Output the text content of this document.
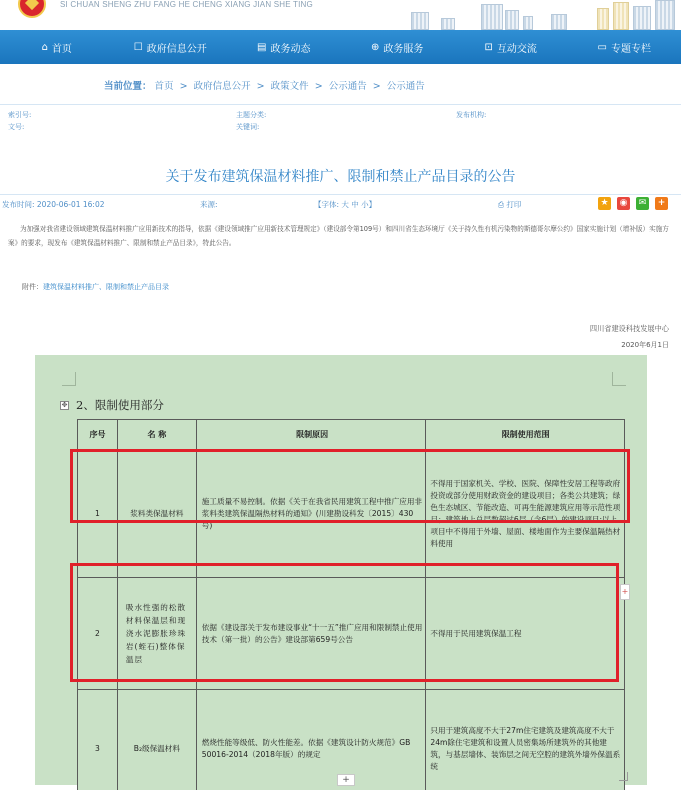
SI CHUAN SHENG ZHU FANG HE CHENG XIANG JIAN SHE TING
⌂ 首页	☐ 政府信息公开	▤ 政务动态	⊕ 政务服务	⊡ 互动交流	▭ 专题专栏
当前位置： 首页 > 政府信息公开 > 政策文件 > 公示通告 > 公示通告
索引号:
文号:
主题分类:
关键词:
发布机构:
关于发布建筑保温材料推广、限制和禁止产品目录的公告
发布时间: 2020-06-01 16:02	来源:	【字体: 大 中 小】	⎙ 打印	★ ◉	✉	+
为加强对我省建设领域建筑保温材料推广应用新技术的指导，依据《建设领域推广应用新技术管理规定》（建设部令第109号）和四川省生态环境厅《关于持久性有机污染物的斯德哥尔摩公约》国家实施计划（增补版）实施方案》的要求，现发布《建筑保温材料推广、限制和禁止产品目录》，特此公告。
附件：建筑保温材料推广、限制和禁止产品目录
四川省建设科技发展中心
2020年6月1日
✥ 2、限制使用部分
序号	名 称	限制原因	限制使用范围
1	浆料类保温材料	施工质量不易控制。依据《关于在我省民用建筑工程中推广应用非浆料类建筑保温隔热材料的通知》(川建勘设科发〔2015〕430号)	不得用于国家机关、学校、医院、保障性安居工程等政府投资或部分使用财政资金的建设项目；各类公共建筑；绿色生态城区、节能改造、可再生能源建筑应用等示范性项目；建筑地上总层数超过6层（含6层）的建设项目;以上项目中不得用于外墙、屋面、楼地面作为主要保温隔热材料使用
2	吸水性强的松散材料保温层和现浇水泥膨胀珍珠岩(蛭石)整体保温层	依据《建设部关于发布建设事业“十一五”推广应用和限制禁止使用技术（第一批）的公告》建设部第659号公告	不得用于民用建筑保温工程
3	B₂级保温材料	燃烧性能等级低、防火性能差。依据《建筑设计防火规范》GB 50016-2014（2018年版）的规定	只用于建筑高度不大于27m住宅建筑及建筑高度不大于24m除住宅建筑和设置人员密集场所建筑外的其他建筑，与基层墙体、装饰层之间无空腔的建筑外墙外保温系统
+
+
